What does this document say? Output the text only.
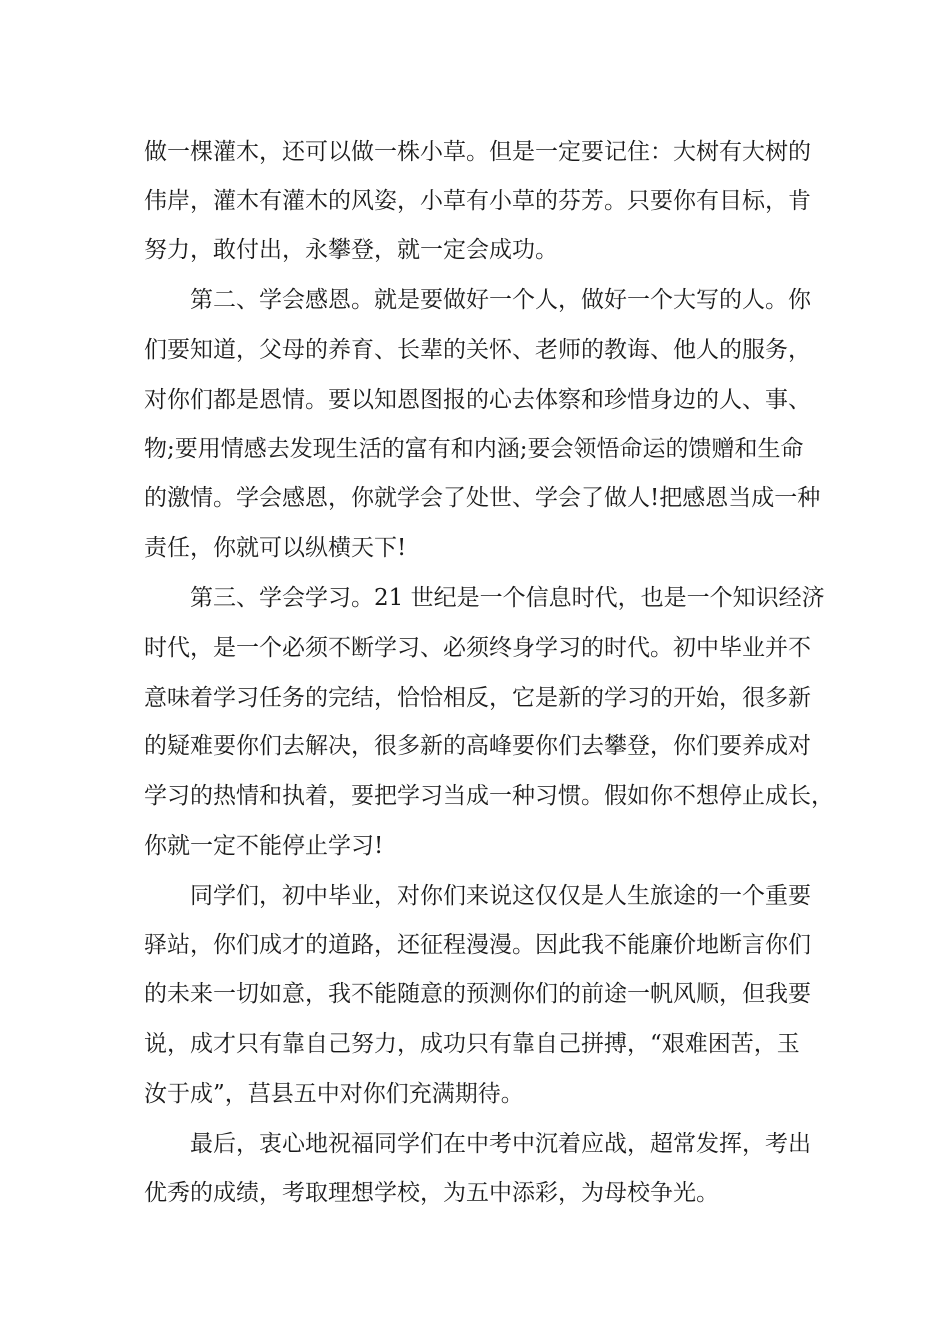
做一棵灌木，还可以做一株小草。但是一定要记住：大树有大树的
伟岸，灌木有灌木的风姿，小草有小草的芬芳。只要你有目标，肯
努力，敢付出，永攀登，就一定会成功。
　　第二、学会感恩。就是要做好一个人，做好一个大写的人。你
们要知道，父母的养育、长辈的关怀、老师的教诲、他人的服务，
对你们都是恩情。要以知恩图报的心去体察和珍惜身边的人、事、
物;要用情感去发现生活的富有和内涵;要会领悟命运的馈赠和生命
的激情。学会感恩，你就学会了处世、学会了做人!把感恩当成一种
责任，你就可以纵横天下!
　　第三、学会学习。21 世纪是一个信息时代，也是一个知识经济
时代，是一个必须不断学习、必须终身学习的时代。初中毕业并不
意味着学习任务的完结，恰恰相反，它是新的学习的开始，很多新
的疑难要你们去解决，很多新的高峰要你们去攀登，你们要养成对
学习的热情和执着，要把学习当成一种习惯。假如你不想停止成长，
你就一定不能停止学习!
　　同学们，初中毕业，对你们来说这仅仅是人生旅途的一个重要
驿站，你们成才的道路，还征程漫漫。因此我不能廉价地断言你们
的未来一切如意，我不能随意的预测你们的前途一帆风顺，但我要
说，成才只有靠自己努力，成功只有靠自己拼搏，“艰难困苦，玉
汝于成”，莒县五中对你们充满期待。
　　最后，衷心地祝福同学们在中考中沉着应战，超常发挥，考出
优秀的成绩，考取理想学校，为五中添彩，为母校争光。
